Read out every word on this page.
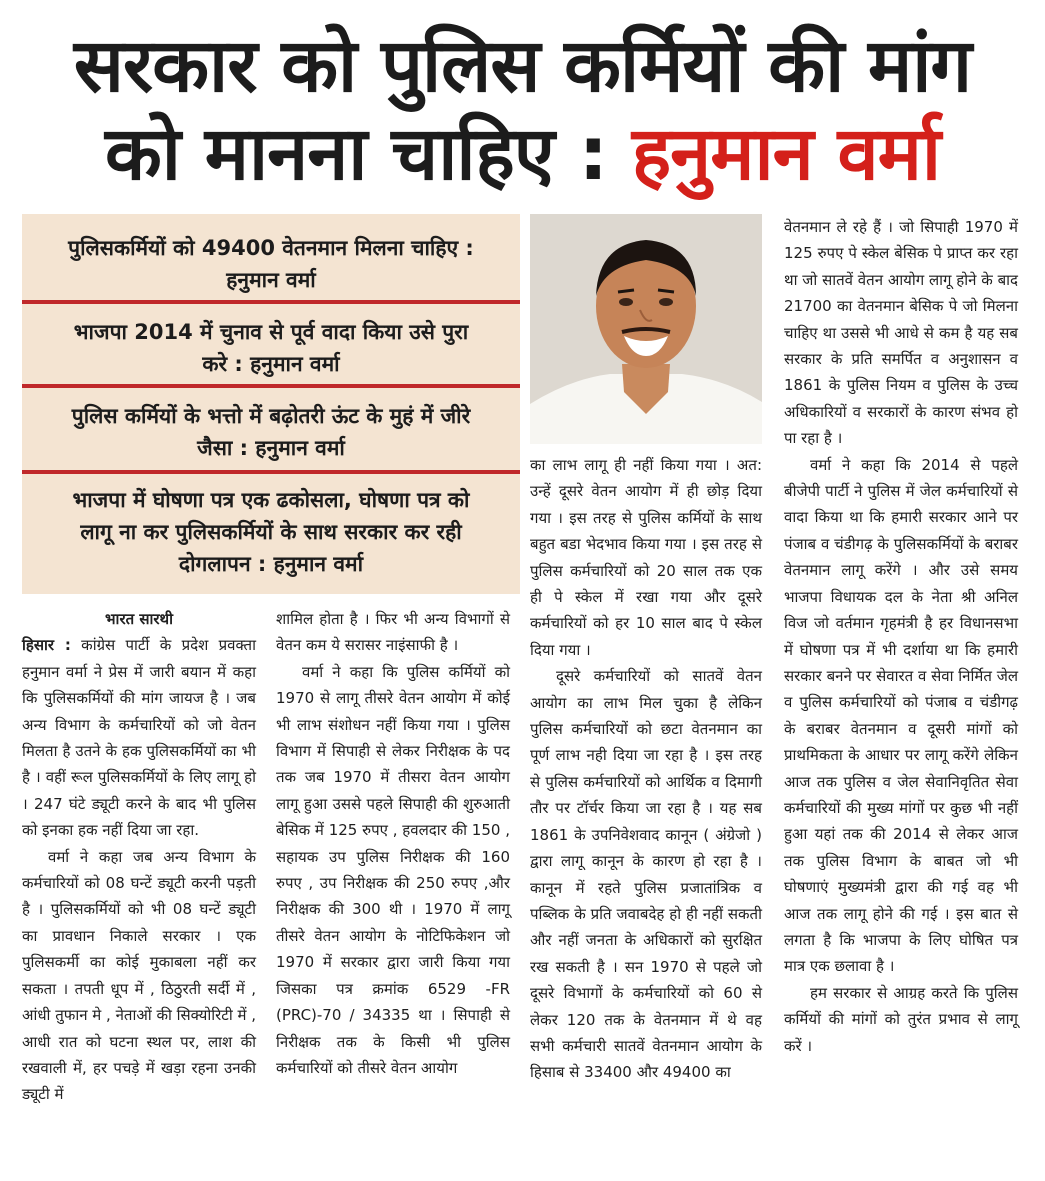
सरकार को पुलिस कर्मियों की मांग
को मानना चाहिए : हनुमान वर्मा
पुलिसकर्मियों को 49400 वेतनमान मिलना चाहिए :
हनुमान वर्मा
भाजपा 2014 में चुनाव से पूर्व वादा किया उसे पुरा
करे : हनुमान वर्मा
पुलिस कर्मियों के भत्तो में बढ़ोतरी ऊंट के मुहं में जीरे
जैसा : हनुमान वर्मा
भाजपा में घोषणा पत्र एक ढकोसला, घोषणा पत्र को
लागू ना कर पुलिसकर्मियों के साथ सरकार कर रही
दोगलापन : हनुमान वर्मा

भारत सारथी

हिसार : कांग्रेस पार्टी के प्रदेश प्रवक्ता हनुमान वर्मा ने प्रेस में जारी बयान में कहा कि पुलिसकर्मियों की मांग जायज है । जब अन्य विभाग के कर्मचारियों को जो वेतन मिलता है उतने के हक पुलिसकर्मियों का भी है । वहीं रूल पुलिसकर्मियों के लिए लागू हो । 247 घंटे ड्यूटी करने के बाद भी पुलिस को इनका हक नहीं दिया जा रहा.

वर्मा ने कहा जब अन्य विभाग के कर्मचारियों को 08 घन्टें ड्यूटी करनी पड़ती है । पुलिसकर्मियों को भी 08 घन्टें ड्यूटी का प्रावधान निकाले सरकार । एक पुलिसकर्मी का कोई मुकाबला नहीं कर सकता । तपती धूप में , ठिठुरती सर्दी में , आंधी तुफान मे , नेताओं की सिक्योरिटी में , आधी रात को घटना स्थल पर, लाश की रखवाली में, हर पचड़े में खड़ा रहना उनकी ड्यूटी में

शामिल होता है । फिर भी अन्य विभागों से वेतन कम ये सरासर नाइंसाफी है ।

वर्मा ने कहा कि पुलिस कर्मियों को 1970 से लागू तीसरे वेतन आयोग में कोई भी लाभ संशोधन नहीं किया गया । पुलिस विभाग में सिपाही से लेकर निरीक्षक के पद तक जब 1970 में तीसरा वेतन आयोग लागू हुआ उससे पहले सिपाही की शुरुआती बेसिक में 125 रुपए , हवलदार की 150 , सहायक उप पुलिस निरीक्षक की 160 रुपए , उप निरीक्षक की 250 रुपए ,और निरीक्षक की 300 थी । 1970 में लागू तीसरे वेतन आयोग के नोटिफिकेशन जो 1970 में सरकार द्वारा जारी किया गया जिसका पत्र क्रमांक 6529 -FR (PRC)-70 / 34335 था । सिपाही से निरीक्षक तक के किसी भी पुलिस कर्मचारियों को तीसरे वेतन आयोग

का लाभ लागू ही नहीं किया गया । अत: उन्हें दूसरे वेतन आयोग में ही छोड़ दिया गया । इस तरह से पुलिस कर्मियों के साथ बहुत बडा भेदभाव किया गया । इस तरह से पुलिस कर्मचारियों को 20 साल तक एक ही पे स्केल में रखा गया और दूसरे कर्मचारियों को हर 10 साल बाद पे स्केल दिया गया ।

दूसरे कर्मचारियों को सातवें वेतन आयोग का लाभ मिल चुका है लेकिन पुलिस कर्मचारियों को छटा वेतनमान का पूर्ण लाभ नही दिया जा रहा है । इस तरह से पुलिस कर्मचारियों को आर्थिक व दिमागी तौर पर टॉर्चर किया जा रहा है । यह सब 1861 के उपनिवेशवाद कानून ( अंग्रेजो ) द्वारा लागू कानून के कारण हो रहा है । कानून में रहते पुलिस प्रजातांत्रिक व पब्लिक के प्रति जवाबदेह हो ही नहीं सकती और नहीं जनता के अधिकारों को सुरक्षित रख सकती है । सन 1970 से पहले जो दूसरे विभागों के कर्मचारियों को 60 से लेकर 120 तक के वेतनमान में थे वह सभी कर्मचारी सातवें वेतनमान आयोग के हिसाब से 33400 और 49400 का

वेतनमान ले रहे हैं । जो सिपाही 1970 में 125 रुपए पे स्केल बेसिक पे प्राप्त कर रहा था जो सातवें वेतन आयोग लागू होने के बाद 21700 का वेतनमान बेसिक पे जो मिलना चाहिए था उससे भी आधे से कम है यह सब सरकार के प्रति समर्पित व अनुशासन व 1861 के पुलिस नियम व पुलिस के उच्च अधिकारियों व सरकारों के कारण संभव हो पा रहा है ।

वर्मा ने कहा कि 2014 से पहले बीजेपी पार्टी ने पुलिस में जेल कर्मचारियों से वादा किया था कि हमारी सरकार आने पर पंजाब व चंडीगढ़ के पुलिसकर्मियों के बराबर वेतनमान लागू करेंगे । और उसे समय भाजपा विधायक दल के नेता श्री अनिल विज जो वर्तमान गृहमंत्री है हर विधानसभा में घोषणा पत्र में भी दर्शाया था कि हमारी सरकार बनने पर सेवारत व सेवा निर्मित जेल व पुलिस कर्मचारियों को पंजाब व चंडीगढ़ के बराबर वेतनमान व दूसरी मांगों को प्राथमिकता के आधार पर लागू करेंगे लेकिन आज तक पुलिस व जेल सेवानिवृतित सेवा कर्मचारियों की मुख्य मांगों पर कुछ भी नहीं हुआ यहां तक की 2014 से लेकर आज तक पुलिस विभाग के बाबत जो भी घोषणाएं मुख्यमंत्री द्वारा की गई वह भी आज तक लागू होने की गई । इस बात से लगता है कि भाजपा के लिए घोषित पत्र मात्र एक छलावा है ।

हम सरकार से आग्रह करते कि पुलिस कर्मियों की मांगों को तुरंत प्रभाव से लागू करें ।
